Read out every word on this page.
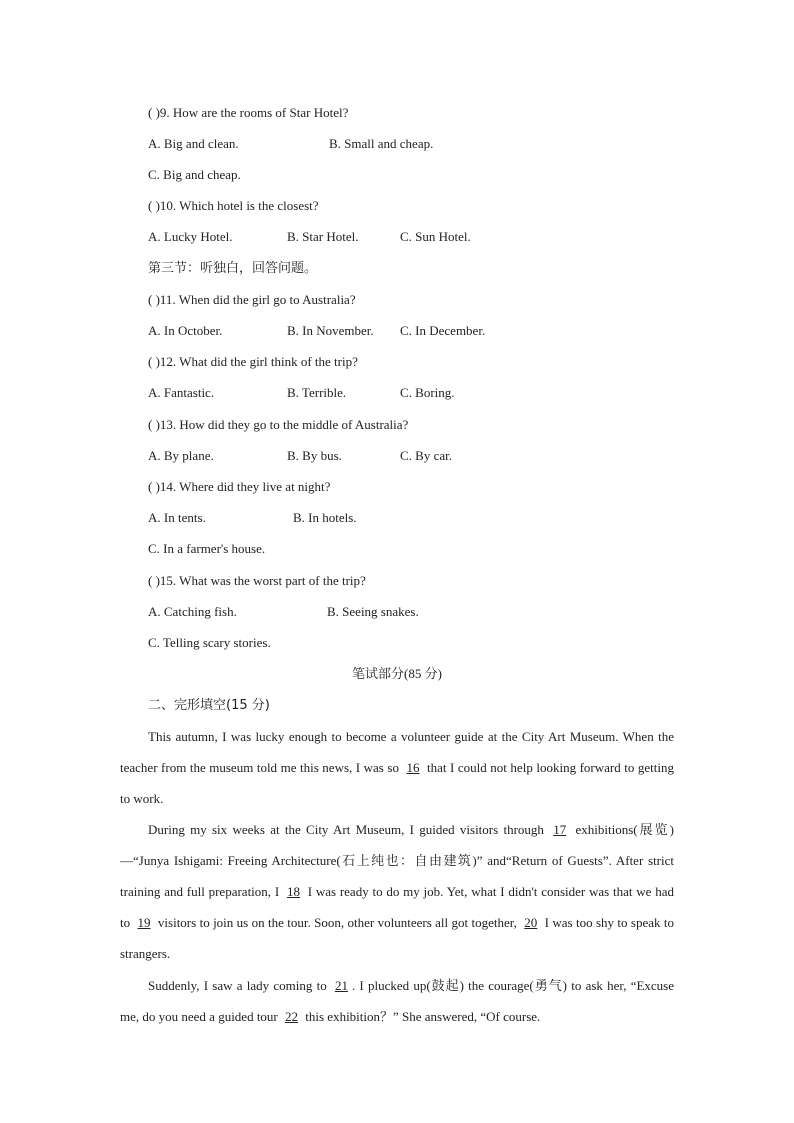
( )9. How are the rooms of Star Hotel?
A. Big and clean.	B. Small and cheap.
C. Big and cheap.
( )10. Which hotel is the closest?
A. Lucky Hotel.	B. Star Hotel.	C. Sun Hotel.
第三节：听独白，回答问题。
( )11. When did the girl go to Australia?
A. In October.	B. In November. C. In December.
( )12. What did the girl think of the trip?
A. Fantastic.	B. Terrible.	C. Boring.
( )13. How did they go to the middle of Australia?
A. By plane.	B. By bus.	C. By car.
( )14. Where did they live at night?
A. In tents.	B. In hotels.
C. In a farmer's house.
( )15. What was the worst part of the trip?
A. Catching fish.	B. Seeing snakes.
C. Telling scary stories.
笔试部分(85 分)
二、完形填空(15 分)
This autumn, I was lucky enough to become a volunteer guide at the City Art Museum. When the teacher from the museum told me this news, I was so 16 that I could not help looking forward to getting to work.
During my six weeks at the City Art Museum, I guided visitors through 17 exhibitions(展览)—“Junya Ishigami: Freeing Architecture(石上纯也：自由建筑)” and“Return of Guests”. After strict training and full preparation, I 18 I was ready to do my job. Yet, what I didn't consider was that we had to 19 visitors to join us on the tour. Soon, other volunteers all got together, 20 I was too shy to speak to strangers.
Suddenly, I saw a lady coming to 21 . I plucked up(鼓起) the courage(勇气) to ask her, “Excuse me, do you need a guided tour 22 this exhibition？” She answered, “Of course.
